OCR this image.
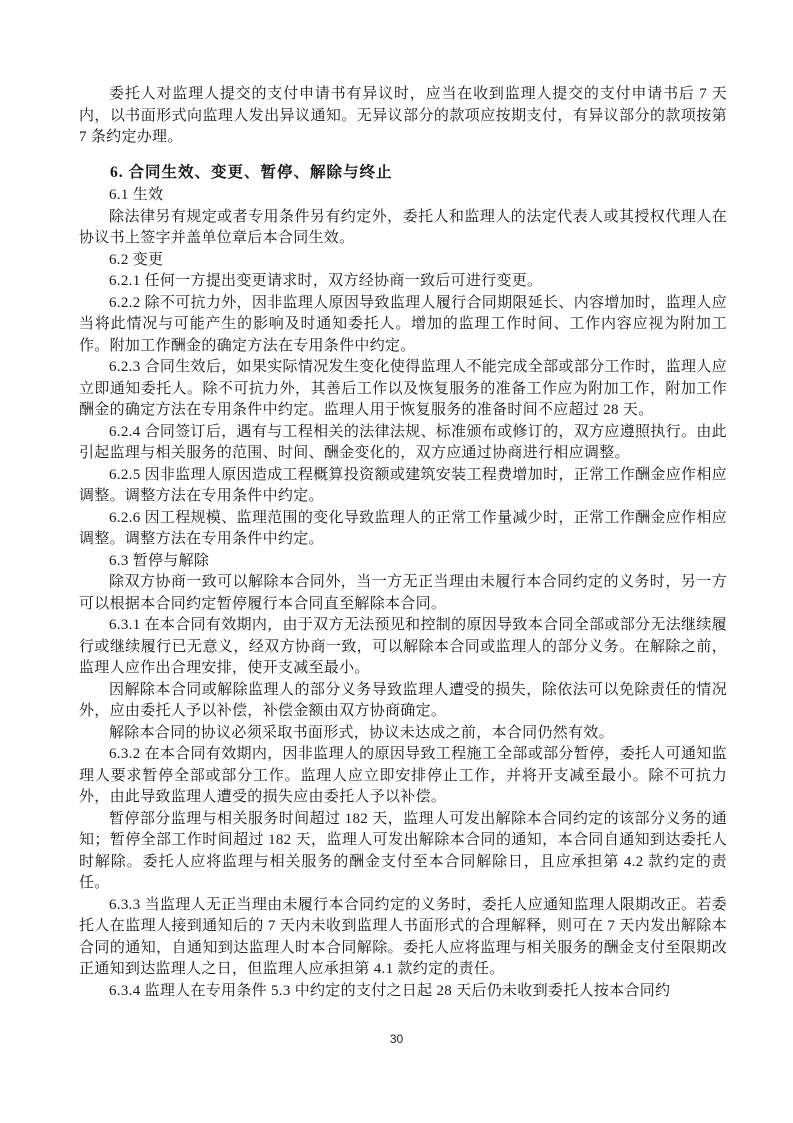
委托人对监理人提交的支付申请书有异议时，应当在收到监理人提交的支付申请书后 7 天内，以书面形式向监理人发出异议通知。无异议部分的款项应按期支付，有异议部分的款项按第 7 条约定办理。

6. 合同生效、变更、暂停、解除与终止

6.1 生效

除法律另有规定或者专用条件另有约定外，委托人和监理人的法定代表人或其授权代理人在协议书上签字并盖单位章后本合同生效。

6.2 变更

6.2.1 任何一方提出变更请求时，双方经协商一致后可进行变更。

6.2.2 除不可抗力外，因非监理人原因导致监理人履行合同期限延长、内容增加时，监理人应当将此情况与可能产生的影响及时通知委托人。增加的监理工作时间、工作内容应视为附加工作。附加工作酬金的确定方法在专用条件中约定。

6.2.3 合同生效后，如果实际情况发生变化使得监理人不能完成全部或部分工作时，监理人应立即通知委托人。除不可抗力外，其善后工作以及恢复服务的准备工作应为附加工作，附加工作酬金的确定方法在专用条件中约定。监理人用于恢复服务的准备时间不应超过 28 天。

6.2.4 合同签订后，遇有与工程相关的法律法规、标准颁布或修订的，双方应遵照执行。由此引起监理与相关服务的范围、时间、酬金变化的，双方应通过协商进行相应调整。

6.2.5 因非监理人原因造成工程概算投资额或建筑安装工程费增加时，正常工作酬金应作相应调整。调整方法在专用条件中约定。

6.2.6 因工程规模、监理范围的变化导致监理人的正常工作量减少时，正常工作酬金应作相应调整。调整方法在专用条件中约定。

6.3 暂停与解除

除双方协商一致可以解除本合同外，当一方无正当理由未履行本合同约定的义务时，另一方可以根据本合同约定暂停履行本合同直至解除本合同。

6.3.1 在本合同有效期内，由于双方无法预见和控制的原因导致本合同全部或部分无法继续履行或继续履行已无意义，经双方协商一致，可以解除本合同或监理人的部分义务。在解除之前，监理人应作出合理安排，使开支减至最小。

因解除本合同或解除监理人的部分义务导致监理人遭受的损失，除依法可以免除责任的情况外，应由委托人予以补偿，补偿金额由双方协商确定。

解除本合同的协议必须采取书面形式，协议未达成之前，本合同仍然有效。

6.3.2 在本合同有效期内，因非监理人的原因导致工程施工全部或部分暂停，委托人可通知监理人要求暂停全部或部分工作。监理人应立即安排停止工作，并将开支减至最小。除不可抗力外，由此导致监理人遭受的损失应由委托人予以补偿。

暂停部分监理与相关服务时间超过 182 天，监理人可发出解除本合同约定的该部分义务的通知；暂停全部工作时间超过 182 天，监理人可发出解除本合同的通知，本合同自通知到达委托人时解除。委托人应将监理与相关服务的酬金支付至本合同解除日，且应承担第 4.2 款约定的责任。

6.3.3 当监理人无正当理由未履行本合同约定的义务时，委托人应通知监理人限期改正。若委托人在监理人接到通知后的 7 天内未收到监理人书面形式的合理解释，则可在 7 天内发出解除本合同的通知，自通知到达监理人时本合同解除。委托人应将监理与相关服务的酬金支付至限期改正通知到达监理人之日，但监理人应承担第 4.1 款约定的责任。

6.3.4 监理人在专用条件 5.3 中约定的支付之日起 28 天后仍未收到委托人按本合同约

30
